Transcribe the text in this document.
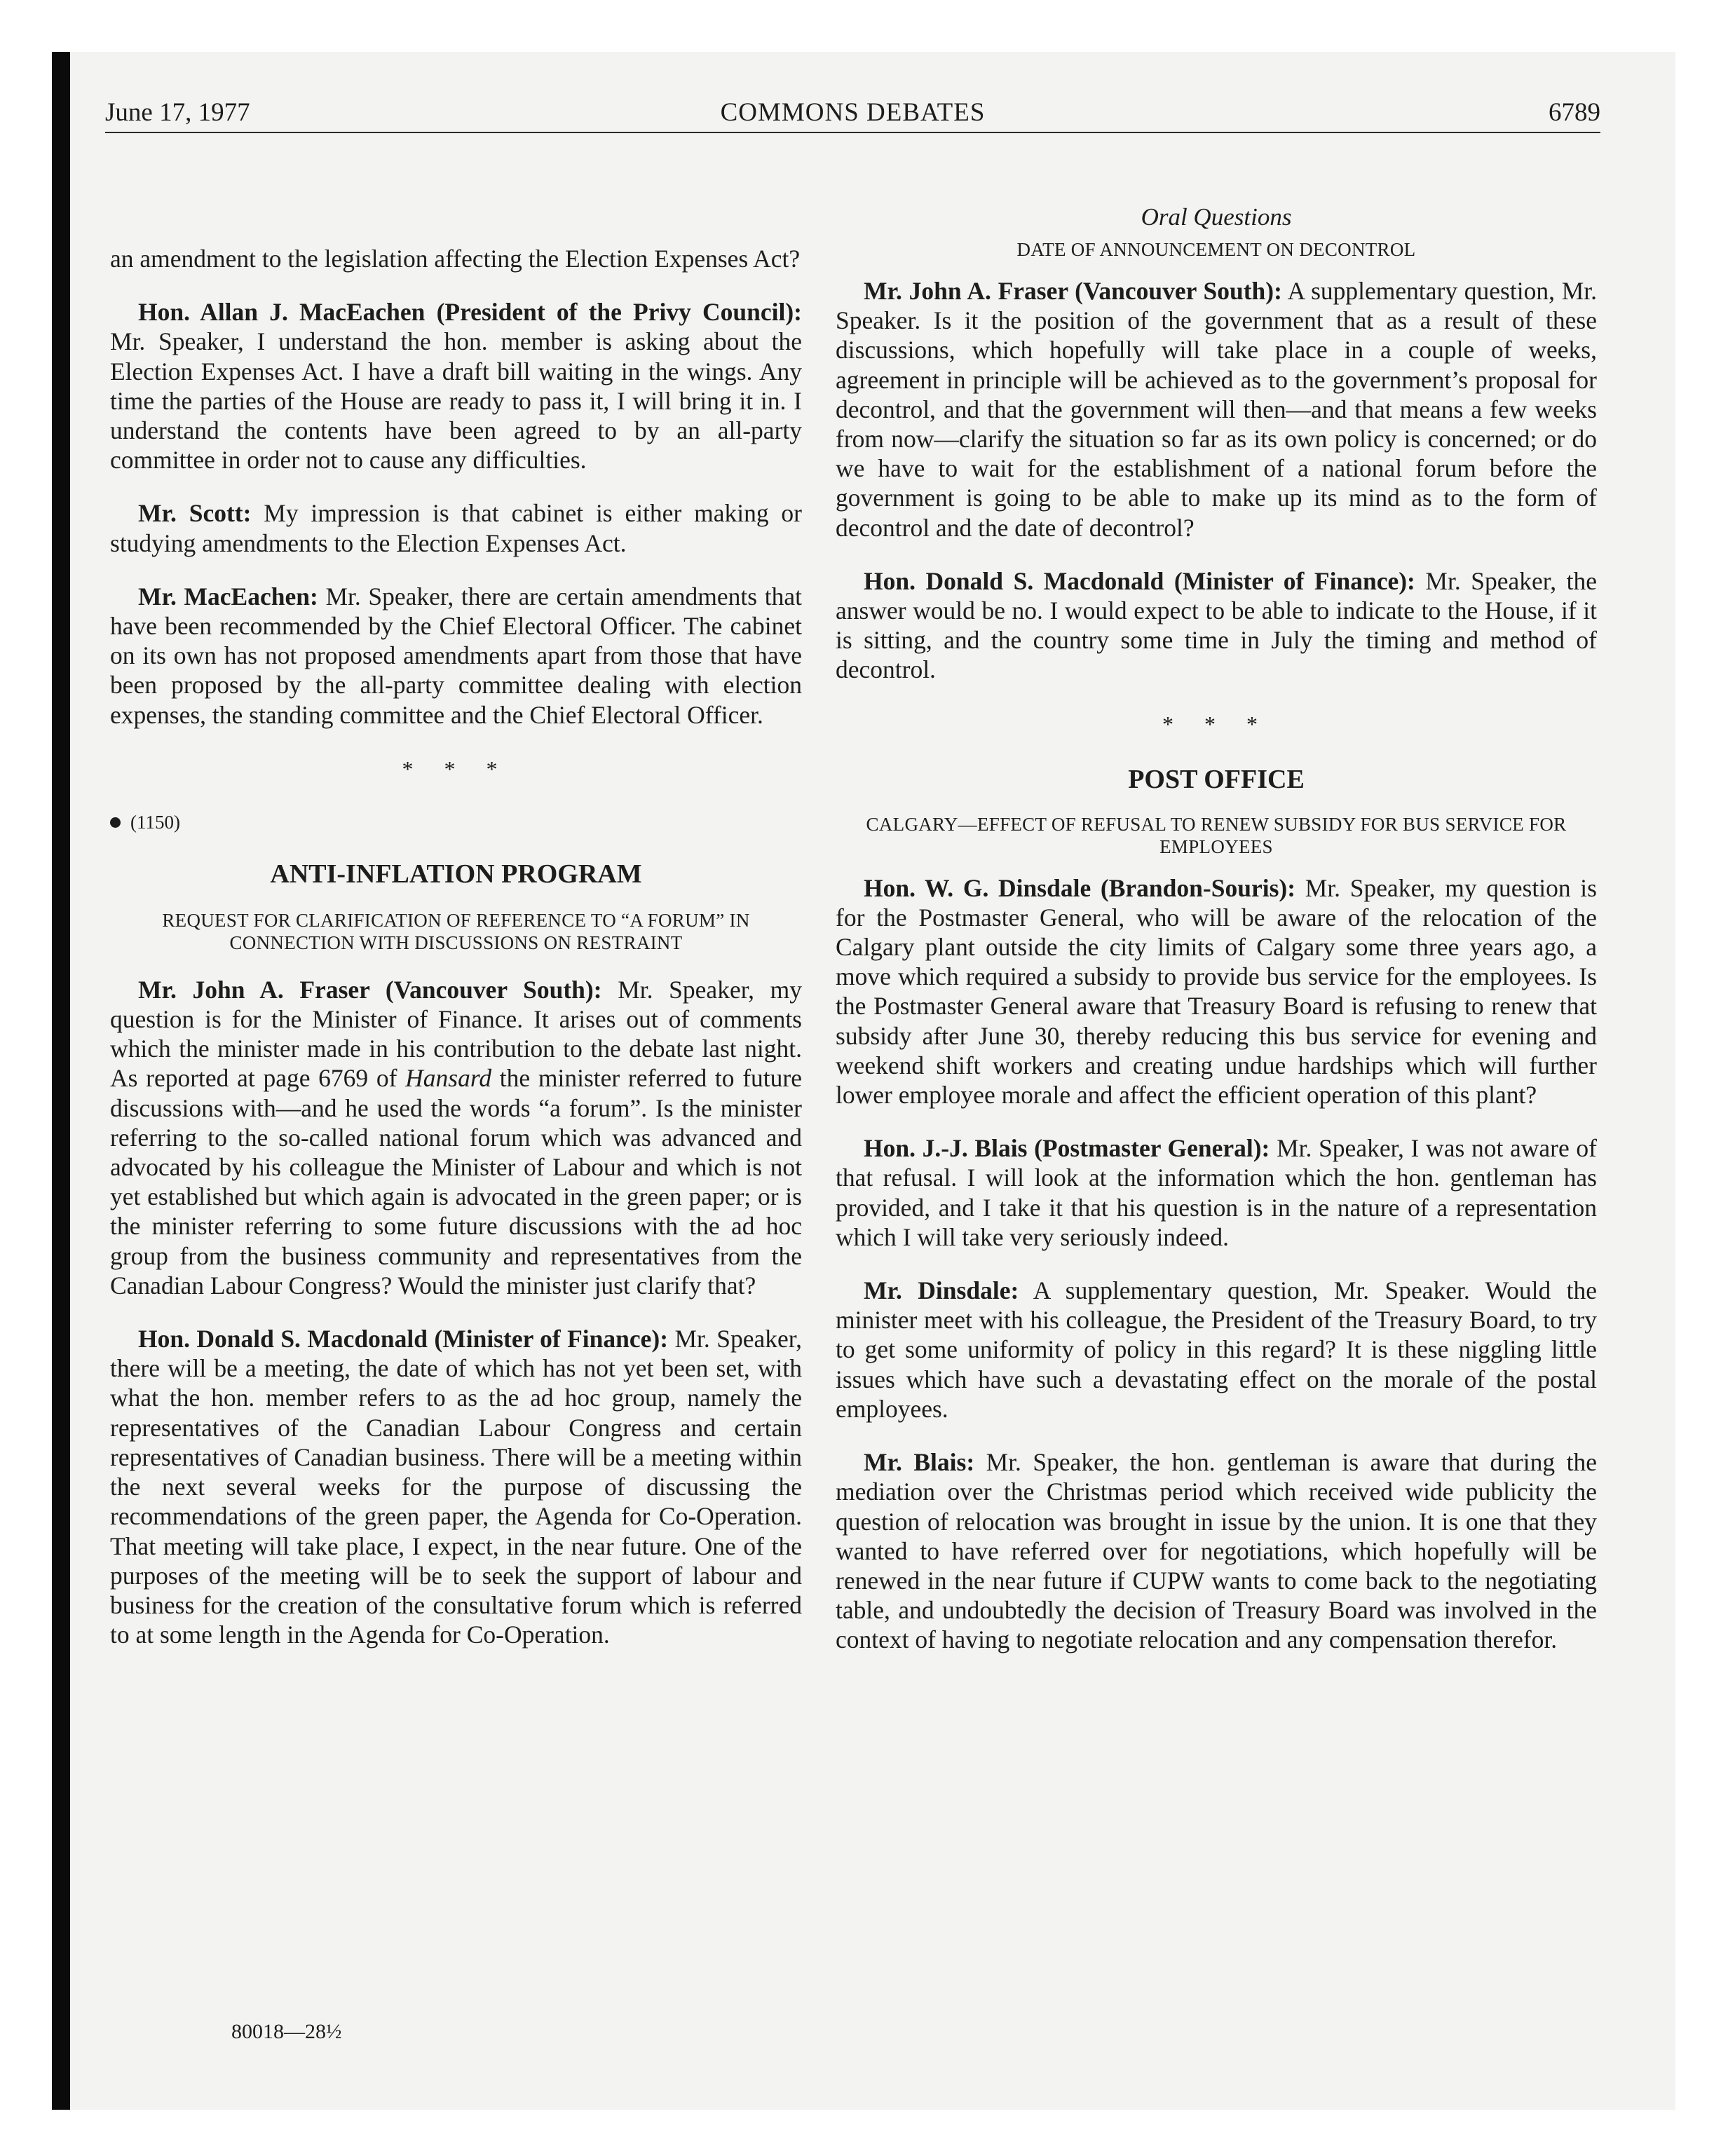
June 17, 1977	COMMONS DEBATES	6789

an amendment to the legislation affecting the Election Expenses Act?

Hon. Allan J. MacEachen (President of the Privy Council): Mr. Speaker, I understand the hon. member is asking about the Election Expenses Act. I have a draft bill waiting in the wings. Any time the parties of the House are ready to pass it, I will bring it in. I understand the contents have been agreed to by an all-party committee in order not to cause any difficulties.

Mr. Scott: My impression is that cabinet is either making or studying amendments to the Election Expenses Act.

Mr. MacEachen: Mr. Speaker, there are certain amendments that have been recommended by the Chief Electoral Officer. The cabinet on its own has not proposed amendments apart from those that have been proposed by the all-party committee dealing with election expenses, the standing committee and the Chief Electoral Officer.

* * *

(1150)

ANTI-INFLATION PROGRAM

REQUEST FOR CLARIFICATION OF REFERENCE TO “A FORUM” IN CONNECTION WITH DISCUSSIONS ON RESTRAINT

Mr. John A. Fraser (Vancouver South): Mr. Speaker, my question is for the Minister of Finance. It arises out of comments which the minister made in his contribution to the debate last night. As reported at page 6769 of Hansard the minister referred to future discussions with—and he used the words “a forum”. Is the minister referring to the so-called national forum which was advanced and advocated by his colleague the Minister of Labour and which is not yet established but which again is advocated in the green paper; or is the minister referring to some future discussions with the ad hoc group from the business community and representatives from the Canadian Labour Congress? Would the minister just clarify that?

Hon. Donald S. Macdonald (Minister of Finance): Mr. Speaker, there will be a meeting, the date of which has not yet been set, with what the hon. member refers to as the ad hoc group, namely the representatives of the Canadian Labour Congress and certain representatives of Canadian business. There will be a meeting within the next several weeks for the purpose of discussing the recommendations of the green paper, the Agenda for Co-Operation. That meeting will take place, I expect, in the near future. One of the purposes of the meeting will be to seek the support of labour and business for the creation of the consultative forum which is referred to at some length in the Agenda for Co-Operation.

Oral Questions

DATE OF ANNOUNCEMENT ON DECONTROL

Mr. John A. Fraser (Vancouver South): A supplementary question, Mr. Speaker. Is it the position of the government that as a result of these discussions, which hopefully will take place in a couple of weeks, agreement in principle will be achieved as to the government’s proposal for decontrol, and that the government will then—and that means a few weeks from now—clarify the situation so far as its own policy is concerned; or do we have to wait for the establishment of a national forum before the government is going to be able to make up its mind as to the form of decontrol and the date of decontrol?

Hon. Donald S. Macdonald (Minister of Finance): Mr. Speaker, the answer would be no. I would expect to be able to indicate to the House, if it is sitting, and the country some time in July the timing and method of decontrol.

* * *

POST OFFICE

CALGARY—EFFECT OF REFUSAL TO RENEW SUBSIDY FOR BUS SERVICE FOR EMPLOYEES

Hon. W. G. Dinsdale (Brandon-Souris): Mr. Speaker, my question is for the Postmaster General, who will be aware of the relocation of the Calgary plant outside the city limits of Calgary some three years ago, a move which required a subsidy to provide bus service for the employees. Is the Postmaster General aware that Treasury Board is refusing to renew that subsidy after June 30, thereby reducing this bus service for evening and weekend shift workers and creating undue hardships which will further lower employee morale and affect the efficient operation of this plant?

Hon. J.-J. Blais (Postmaster General): Mr. Speaker, I was not aware of that refusal. I will look at the information which the hon. gentleman has provided, and I take it that his question is in the nature of a representation which I will take very seriously indeed.

Mr. Dinsdale: A supplementary question, Mr. Speaker. Would the minister meet with his colleague, the President of the Treasury Board, to try to get some uniformity of policy in this regard? It is these niggling little issues which have such a devastating effect on the morale of the postal employees.

Mr. Blais: Mr. Speaker, the hon. gentleman is aware that during the mediation over the Christmas period which received wide publicity the question of relocation was brought in issue by the union. It is one that they wanted to have referred over for negotiations, which hopefully will be renewed in the near future if CUPW wants to come back to the negotiating table, and undoubtedly the decision of Treasury Board was involved in the context of having to negotiate relocation and any compensation therefor.

80018—28½
